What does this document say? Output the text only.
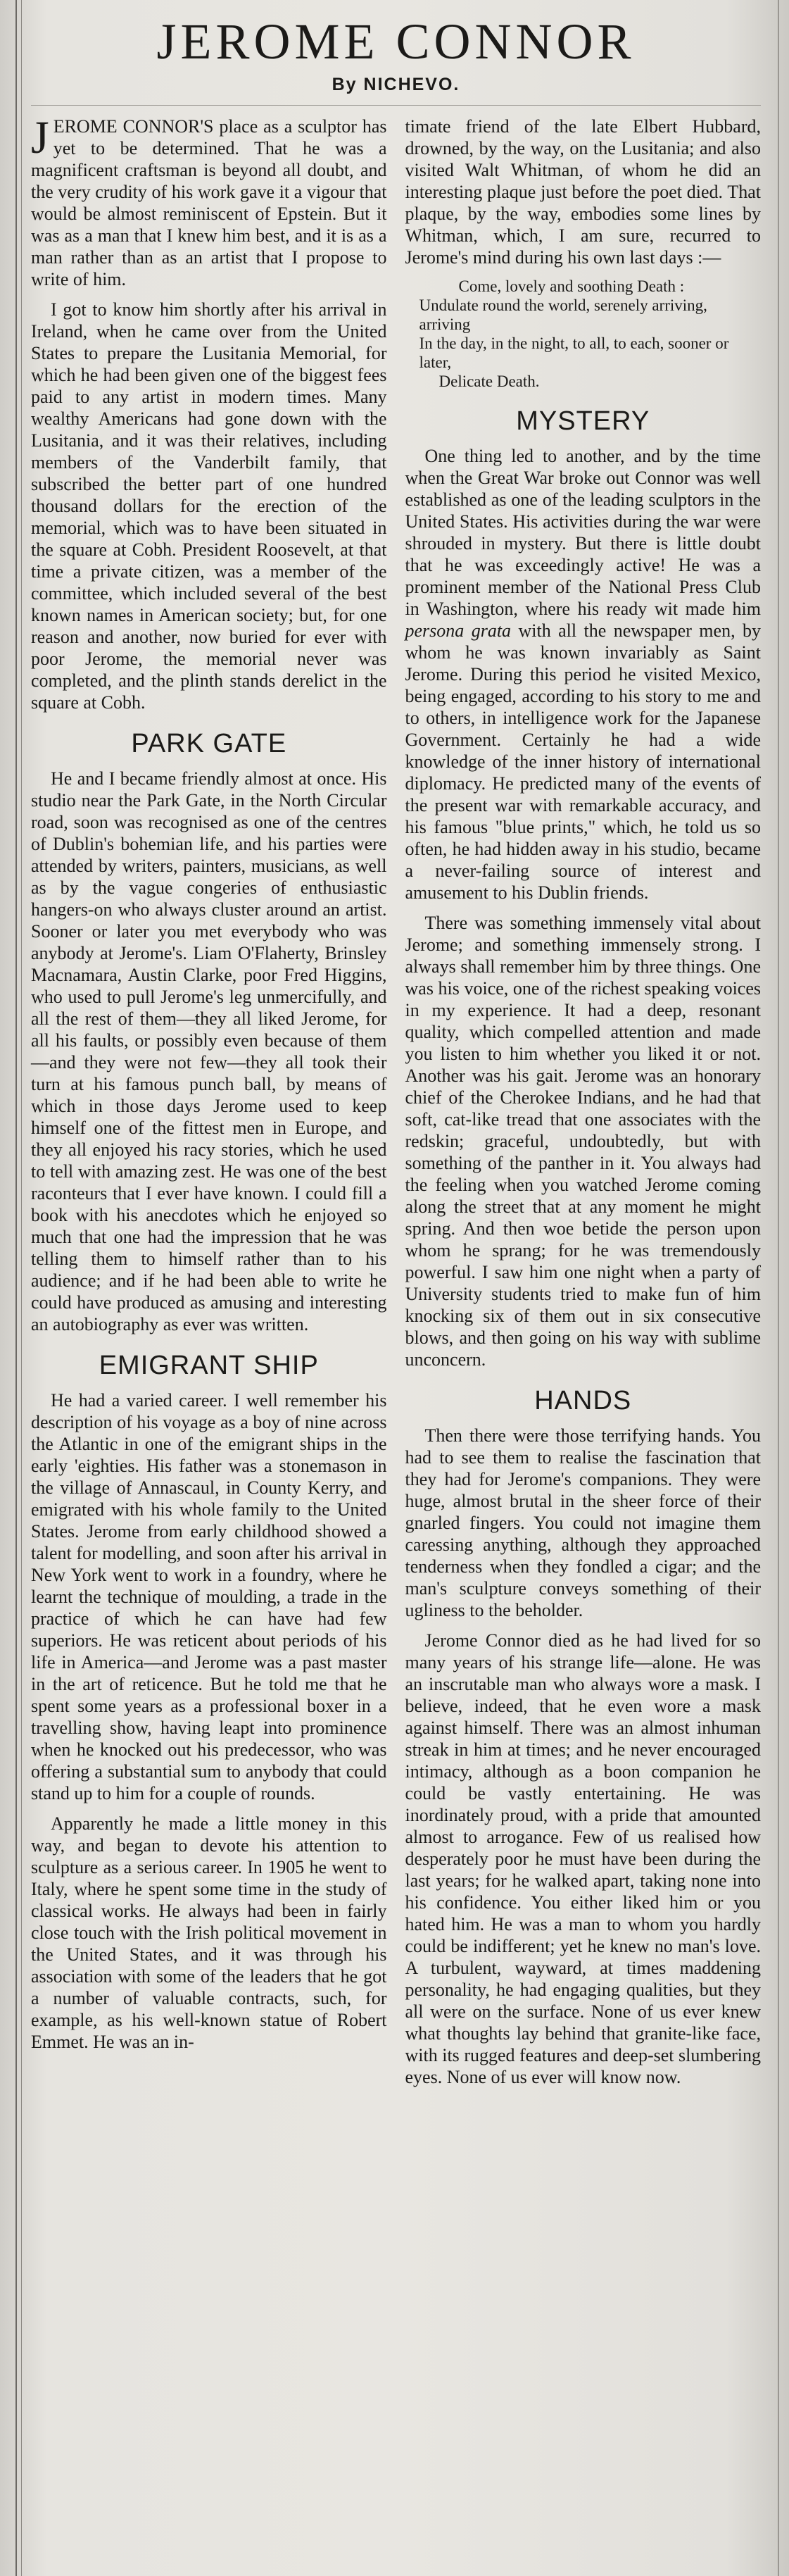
JEROME CONNOR
By NICHEVO.

JEROME CONNOR'S place as a sculptor has yet to be determined. That he was a magnificent craftsman is beyond all doubt, and the very crudity of his work gave it a vigour that would be almost reminiscent of Epstein. But it was as a man that I knew him best, and it is as a man rather than as an artist that I propose to write of him.

I got to know him shortly after his arrival in Ireland, when he came over from the United States to prepare the Lusitania Memorial, for which he had been given one of the biggest fees paid to any artist in modern times. Many wealthy Americans had gone down with the Lusitania, and it was their relatives, including members of the Vanderbilt family, that subscribed the better part of one hundred thousand dollars for the erection of the memorial, which was to have been situated in the square at Cobh. President Roosevelt, at that time a private citizen, was a member of the committee, which included several of the best known names in American society; but, for one reason and another, now buried for ever with poor Jerome, the memorial never was completed, and the plinth stands derelict in the square at Cobh.

PARK GATE

He and I became friendly almost at once. His studio near the Park Gate, in the North Circular road, soon was recognised as one of the centres of Dublin's bohemian life, and his parties were attended by writers, painters, musicians, as well as by the vague congeries of enthusiastic hangers-on who always cluster around an artist. Sooner or later you met everybody who was anybody at Jerome's. Liam O'Flaherty, Brinsley Macnamara, Austin Clarke, poor Fred Higgins, who used to pull Jerome's leg unmercifully, and all the rest of them—they all liked Jerome, for all his faults, or possibly even because of them—and they were not few—they all took their turn at his famous punch ball, by means of which in those days Jerome used to keep himself one of the fittest men in Europe, and they all enjoyed his racy stories, which he used to tell with amazing zest. He was one of the best raconteurs that I ever have known. I could fill a book with his anecdotes which he enjoyed so much that one had the impression that he was telling them to himself rather than to his audience; and if he had been able to write he could have produced as amusing and interesting an autobiography as ever was written.

EMIGRANT SHIP

He had a varied career. I well remember his description of his voyage as a boy of nine across the Atlantic in one of the emigrant ships in the early 'eighties. His father was a stonemason in the village of Annascaul, in County Kerry, and emigrated with his whole family to the United States. Jerome from early childhood showed a talent for modelling, and soon after his arrival in New York went to work in a foundry, where he learnt the technique of moulding, a trade in the practice of which he can have had few superiors. He was reticent about periods of his life in America—and Jerome was a past master in the art of reticence. But he told me that he spent some years as a professional boxer in a travelling show, having leapt into prominence when he knocked out his predecessor, who was offering a substantial sum to anybody that could stand up to him for a couple of rounds.

Apparently he made a little money in this way, and began to devote his attention to sculpture as a serious career. In 1905 he went to Italy, where he spent some time in the study of classical works. He always had been in fairly close touch with the Irish political movement in the United States, and it was through his association with some of the leaders that he got a number of valuable contracts, such, for example, as his well-known statue of Robert Emmet. He was an in-

timate friend of the late Elbert Hubbard, drowned, by the way, on the Lusitania; and also visited Walt Whitman, of whom he did an interesting plaque just before the poet died. That plaque, by the way, embodies some lines by Whitman, which, I am sure, recurred to Jerome's mind during his own last days :—

Come, lovely and soothing Death :
Undulate round the world, serenely arriving, arriving
In the day, in the night, to all, to each, sooner or later,
Delicate Death.
MYSTERY

One thing led to another, and by the time when the Great War broke out Connor was well established as one of the leading sculptors in the United States. His activities during the war were shrouded in mystery. But there is little doubt that he was exceedingly active! He was a prominent member of the National Press Club in Washington, where his ready wit made him persona grata with all the newspaper men, by whom he was known invariably as Saint Jerome. During this period he visited Mexico, being engaged, according to his story to me and to others, in intelligence work for the Japanese Government. Certainly he had a wide knowledge of the inner history of international diplomacy. He predicted many of the events of the present war with remarkable accuracy, and his famous "blue prints," which, he told us so often, he had hidden away in his studio, became a never-failing source of interest and amusement to his Dublin friends.

There was something immensely vital about Jerome; and something immensely strong. I always shall remember him by three things. One was his voice, one of the richest speaking voices in my experience. It had a deep, resonant quality, which compelled attention and made you listen to him whether you liked it or not. Another was his gait. Jerome was an honorary chief of the Cherokee Indians, and he had that soft, cat-like tread that one associates with the redskin; graceful, undoubtedly, but with something of the panther in it. You always had the feeling when you watched Jerome coming along the street that at any moment he might spring. And then woe betide the person upon whom he sprang; for he was tremendously powerful. I saw him one night when a party of University students tried to make fun of him knocking six of them out in six consecutive blows, and then going on his way with sublime unconcern.

HANDS

Then there were those terrifying hands. You had to see them to realise the fascination that they had for Jerome's companions. They were huge, almost brutal in the sheer force of their gnarled fingers. You could not imagine them caressing anything, although they approached tenderness when they fondled a cigar; and the man's sculpture conveys something of their ugliness to the beholder.

Jerome Connor died as he had lived for so many years of his strange life—alone. He was an inscrutable man who always wore a mask. I believe, indeed, that he even wore a mask against himself. There was an almost inhuman streak in him at times; and he never encouraged intimacy, although as a boon companion he could be vastly entertaining. He was inordinately proud, with a pride that amounted almost to arrogance. Few of us realised how desperately poor he must have been during the last years; for he walked apart, taking none into his confidence. You either liked him or you hated him. He was a man to whom you hardly could be indifferent; yet he knew no man's love. A turbulent, wayward, at times maddening personality, he had engaging qualities, but they all were on the surface. None of us ever knew what thoughts lay behind that granite-like face, with its rugged features and deep-set slumbering eyes. None of us ever will know now.
